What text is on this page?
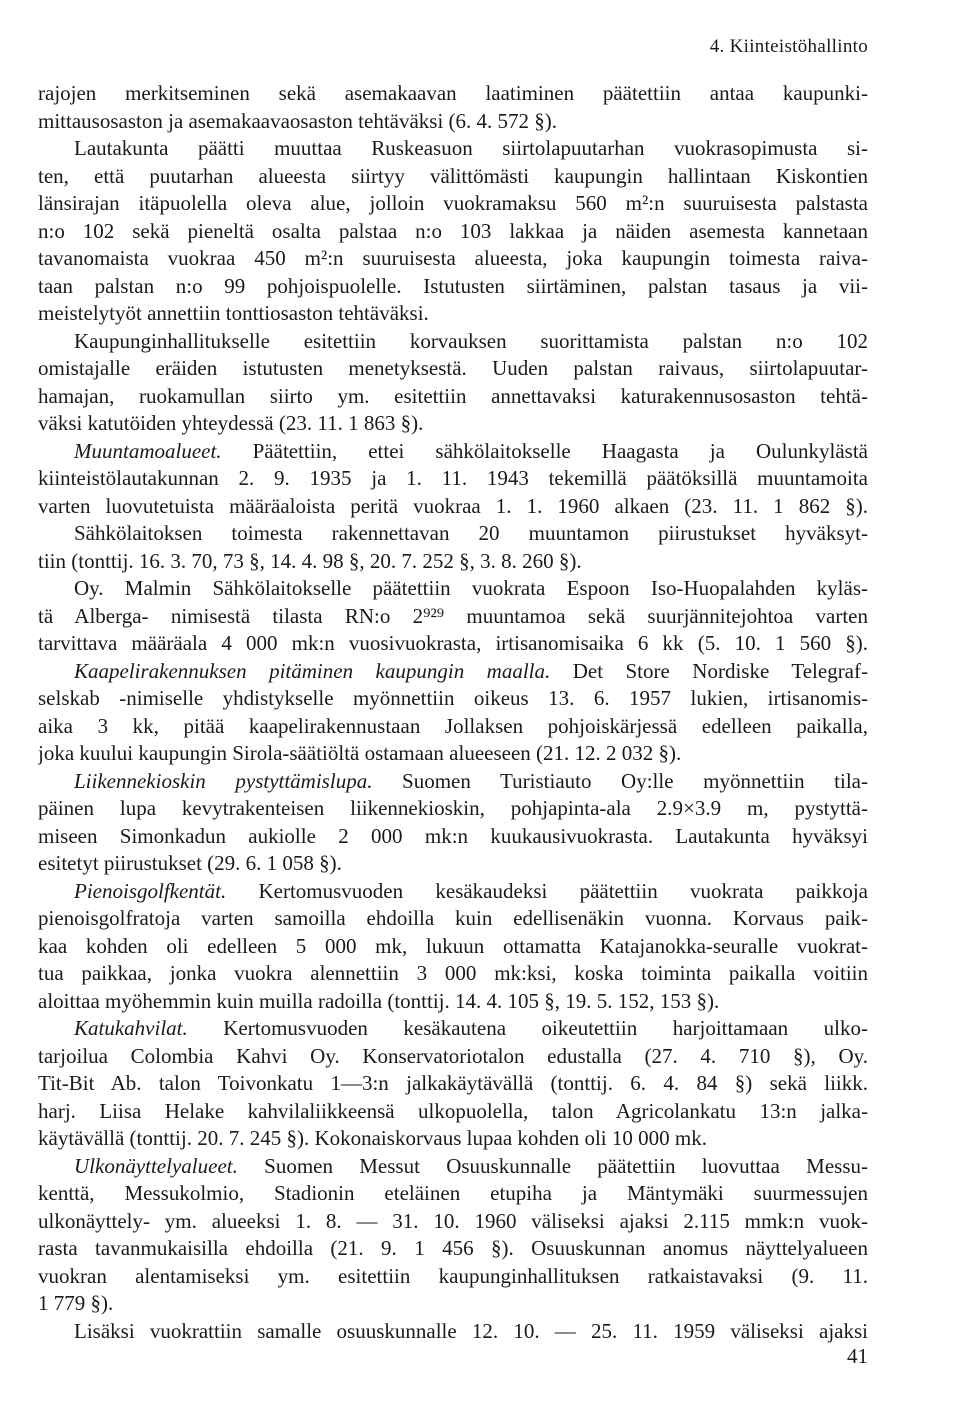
4. Kiinteistöhallinto
rajojen merkitseminen sekä asemakaavan laatiminen päätettiin antaa kaupunki-
mittausosaston ja asemakaavaosaston tehtäväksi (6. 4. 572 §).
Lautakunta päätti muuttaa Ruskeasuon siirtolapuutarhan vuokrasopimusta si-
ten, että puutarhan alueesta siirtyy välittömästi kaupungin hallintaan Kiskontien
länsirajan itäpuolella oleva alue, jolloin vuokramaksu 560 m²:n suuruisesta palstasta
n:o 102 sekä pieneltä osalta palstaa n:o 103 lakkaa ja näiden asemesta kannetaan
tavanomaista vuokraa 450 m²:n suuruisesta alueesta, joka kaupungin toimesta raiva-
taan palstan n:o 99 pohjoispuolelle. Istutusten siirtäminen, palstan tasaus ja vii-
meistelytyöt annettiin tonttiosaston tehtäväksi.
Kaupunginhallitukselle esitettiin korvauksen suorittamista palstan n:o 102
omistajalle eräiden istutusten menetyksestä. Uuden palstan raivaus, siirtolapuutar-
hamajan, ruokamullan siirto ym. esitettiin annettavaksi katurakennusosaston tehtä-
väksi katutöiden yhteydessä (23. 11. 1 863 §).
Muuntamoalueet. Päätettiin, ettei sähkölaitokselle Haagasta ja Oulunkylästä
kiinteistölautakunnan 2. 9. 1935 ja 1. 11. 1943 tekemillä päätöksillä muuntamoita
varten luovutetuista määräaloista peritä vuokraa 1. 1. 1960 alkaen (23. 11. 1 862 §).
Sähkölaitoksen toimesta rakennettavan 20 muuntamon piirustukset hyväksyt-
tiin (tonttij. 16. 3. 70, 73 §, 14. 4. 98 §, 20. 7. 252 §, 3. 8. 260 §).
Oy. Malmin Sähkölaitokselle päätettiin vuokrata Espoon Iso-Huopalahden kyläs-
tä Alberga- nimisestä tilasta RN:o 2⁹²⁹ muuntamoa sekä suurjännitejohtoa varten
tarvittava määräala 4 000 mk:n vuosivuokrasta, irtisanomisaika 6 kk (5. 10. 1 560 §).
Kaapelirakennuksen pitäminen kaupungin maalla. Det Store Nordiske Telegraf-
selskab -nimiselle yhdistykselle myönnettiin oikeus 13. 6. 1957 lukien, irtisanomis-
aika 3 kk, pitää kaapelirakennustaan Jollaksen pohjoiskärjessä edelleen paikalla,
joka kuului kaupungin Sirola-säätiöltä ostamaan alueeseen (21. 12. 2 032 §).
Liikennekioskin pystyttämislupa. Suomen Turistiauto Oy:lle myönnettiin tila-
päinen lupa kevytrakenteisen liikennekioskin, pohjapinta-ala 2.9×3.9 m, pystyttä-
miseen Simonkadun aukiolle 2 000 mk:n kuukausivuokrasta. Lautakunta hyväksyi
esitetyt piirustukset (29. 6. 1 058 §).
Pienoisgolfkentät. Kertomusvuoden kesäkaudeksi päätettiin vuokrata paikkoja
pienoisgolfratoja varten samoilla ehdoilla kuin edellisenäkin vuonna. Korvaus paik-
kaa kohden oli edelleen 5 000 mk, lukuun ottamatta Katajanokka-seuralle vuokrat-
tua paikkaa, jonka vuokra alennettiin 3 000 mk:ksi, koska toiminta paikalla voitiin
aloittaa myöhemmin kuin muilla radoilla (tonttij. 14. 4. 105 §, 19. 5. 152, 153 §).
Katukahvilat. Kertomusvuoden kesäkautena oikeutettiin harjoittamaan ulko-
tarjoilua Colombia Kahvi Oy. Konservatoriotalon edustalla (27. 4. 710 §), Oy.
Tit-Bit Ab. talon Toivonkatu 1—3:n jalkakäytävällä (tonttij. 6. 4. 84 §) sekä liikk.
harj. Liisa Helake kahvilaliikkeensä ulkopuolella, talon Agricolankatu 13:n jalka-
käytävällä (tonttij. 20. 7. 245 §). Kokonaiskorvaus lupaa kohden oli 10 000 mk.
Ulkonäyttelyalueet. Suomen Messut Osuuskunnalle päätettiin luovuttaa Messu-
kenttä, Messukolmio, Stadionin eteläinen etupiha ja Mäntymäki suurmessujen
ulkonäyttely- ym. alueeksi 1. 8. — 31. 10. 1960 väliseksi ajaksi 2.115 mmk:n vuok-
rasta tavanmukaisilla ehdoilla (21. 9. 1 456 §). Osuuskunnan anomus näyttelyalueen
vuokran alentamiseksi ym. esitettiin kaupunginhallituksen ratkaistavaksi (9. 11.
1 779 §).
Lisäksi vuokrattiin samalle osuuskunnalle 12. 10. — 25. 11. 1959 väliseksi ajaksi
41
